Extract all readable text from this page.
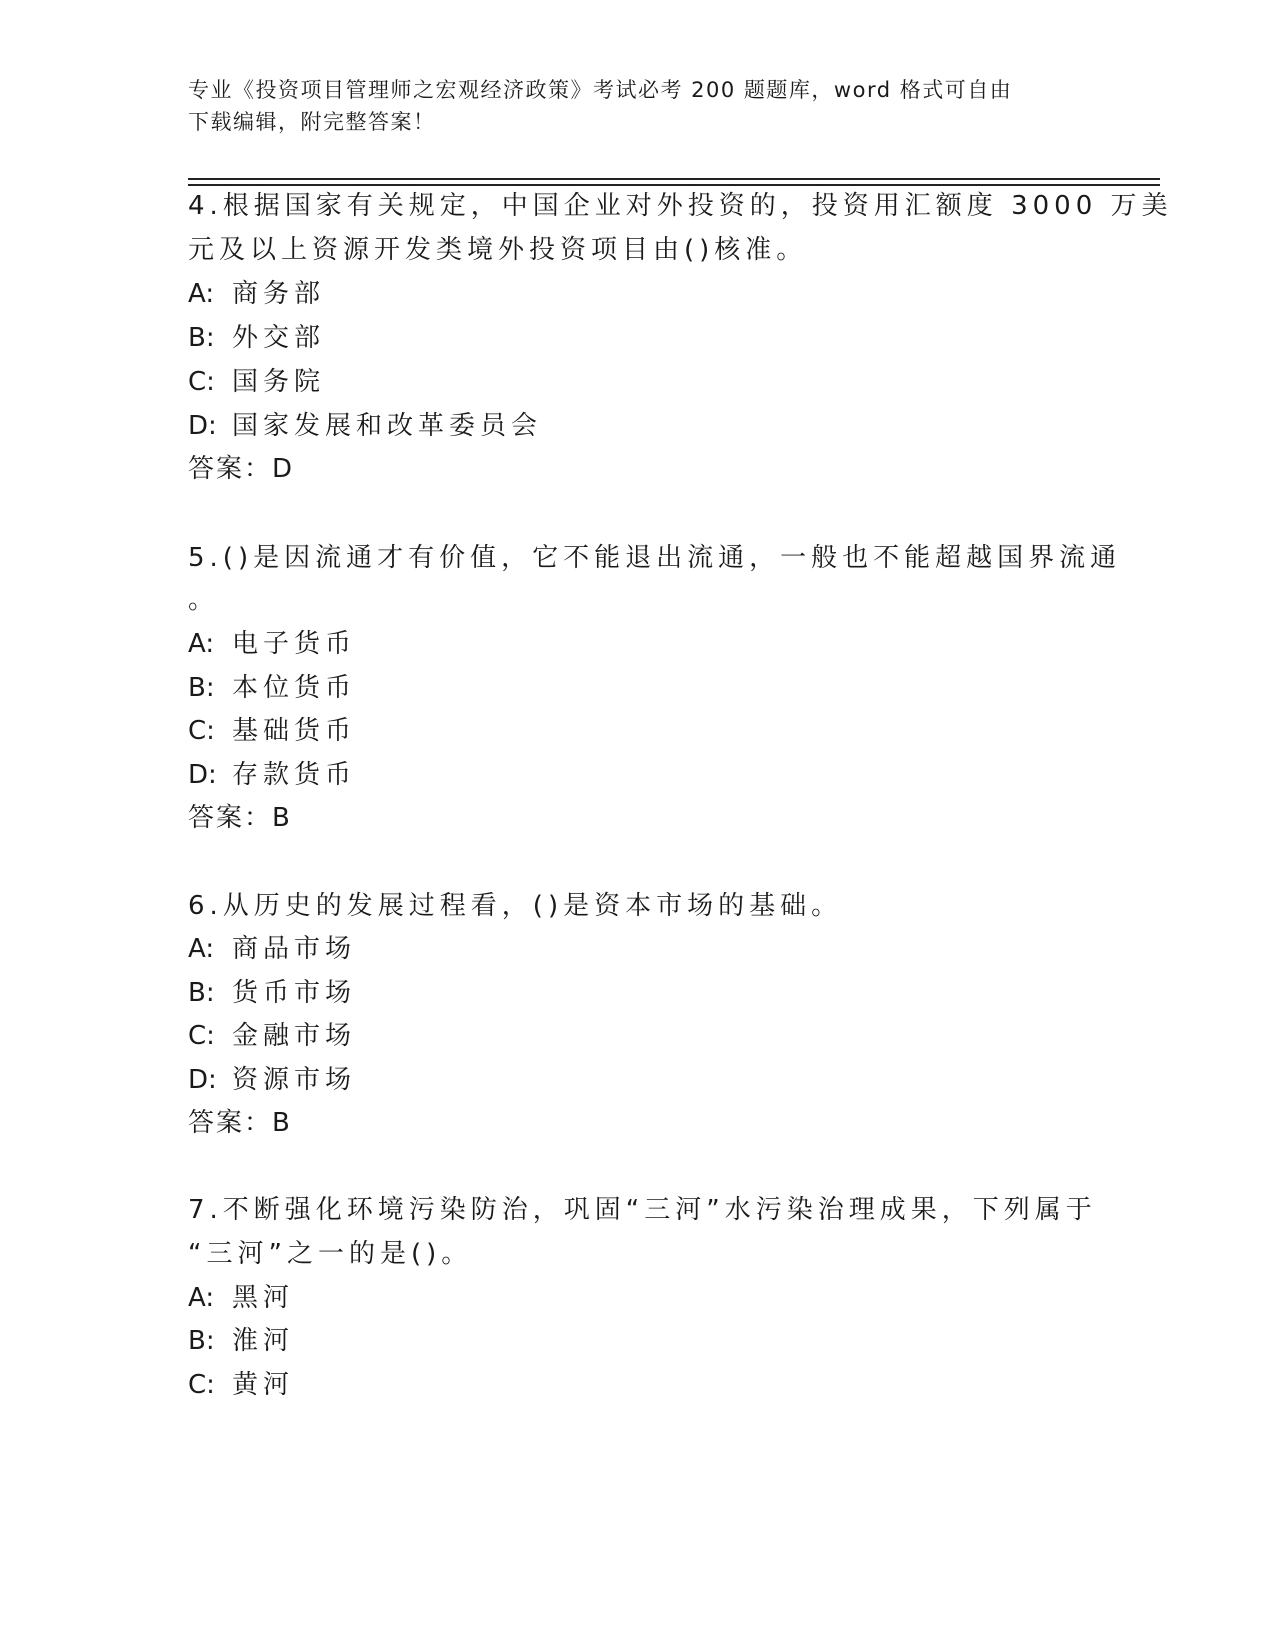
专业《投资项目管理师之宏观经济政策》考试必考 200 题题库，word 格式可自由
下载编辑，附完整答案！
4.根据国家有关规定，中国企业对外投资的，投资用汇额度 3000 万美
元及以上资源开发类境外投资项目由()核准。
A: 商务部
B: 外交部
C: 国务院
D: 国家发展和改革委员会
答案：D
5.()是因流通才有价值，它不能退出流通，一般也不能超越国界流通
。
A: 电子货币
B: 本位货币
C: 基础货币
D: 存款货币
答案：B
6.从历史的发展过程看，()是资本市场的基础。
A: 商品市场
B: 货币市场
C: 金融市场
D: 资源市场
答案：B
7.不断强化环境污染防治，巩固“三河”水污染治理成果，下列属于
“三河”之一的是()。
A: 黑河
B: 淮河
C: 黄河
